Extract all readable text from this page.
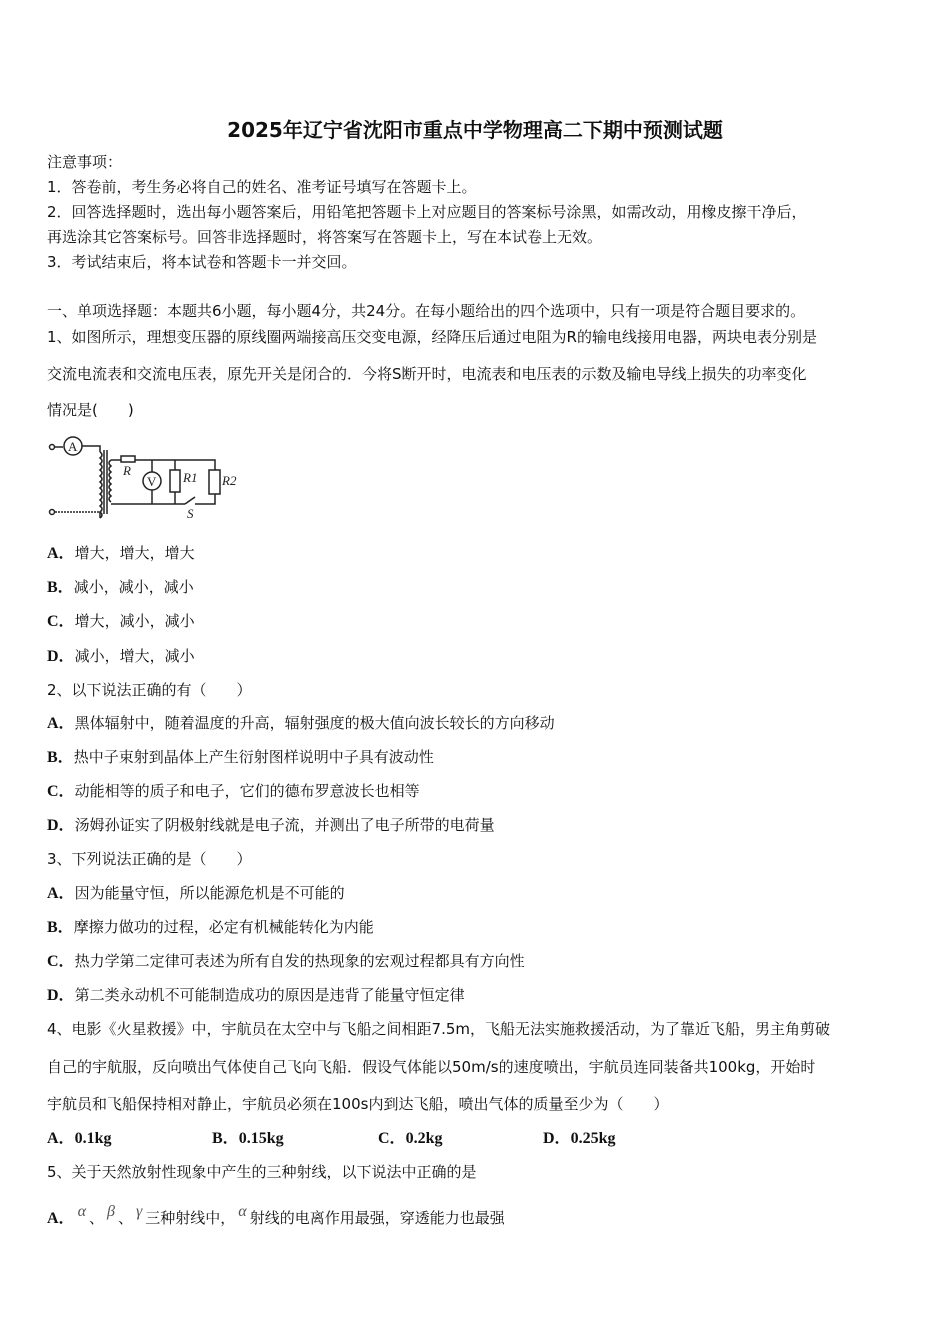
2025年辽宁省沈阳市重点中学物理高二下期中预测试题
注意事项：
1．答卷前，考生务必将自己的姓名、准考证号填写在答题卡上。
2．回答选择题时，选出每小题答案后，用铅笔把答题卡上对应题目的答案标号涂黑，如需改动，用橡皮擦干净后，
再选涂其它答案标号。回答非选择题时，将答案写在答题卡上，写在本试卷上无效。
3．考试结束后，将本试卷和答题卡一并交回。
一、单项选择题：本题共6小题，每小题4分，共24分。在每小题给出的四个选项中，只有一项是符合题目要求的。
1、如图所示，理想变压器的原线圈两端接高压交变电源，经降压后通过电阻为R的输电线接用电器，两块电表分别是
交流电流表和交流电压表，原先开关是闭合的．今将S断开时，电流表和电压表的示数及输电导线上损失的功率变化
情况是(　　)
A
R
R2
V R1
S
A．增大，增大，增大
B．减小，减小，减小
C．增大，减小，减小
D．减小，增大，减小
2、以下说法正确的有（　　）
A．黑体辐射中，随着温度的升高，辐射强度的极大值向波长较长的方向移动
B．热中子束射到晶体上产生衍射图样说明中子具有波动性
C．动能相等的质子和电子，它们的德布罗意波长也相等
D．汤姆孙证实了阴极射线就是电子流，并测出了电子所带的电荷量
3、下列说法正确的是（　　）
A．因为能量守恒，所以能源危机是不可能的
B．摩擦力做功的过程，必定有机械能转化为内能
C．热力学第二定律可表述为所有自发的热现象的宏观过程都具有方向性
D．第二类永动机不可能制造成功的原因是违背了能量守恒定律
4、电影《火星救援》中，宇航员在太空中与飞船之间相距7.5m，飞船无法实施救援活动，为了靠近飞船，男主角剪破
自己的宇航服，反向喷出气体使自己飞向飞船．假设气体能以50m/s的速度喷出，宇航员连同装备共100kg，开始时
宇航员和飞船保持相对静止，宇航员必须在100s内到达飞船，喷出气体的质量至少为（　　）
A．0.1kg	B．0.15kg	C．0.2kg	D．0.25kg
5、关于天然放射性现象中产生的三种射线，以下说法中正确的是
A． α 、 β 、 γ 三种射线中， α 射线的电离作用最强，穿透能力也最强
